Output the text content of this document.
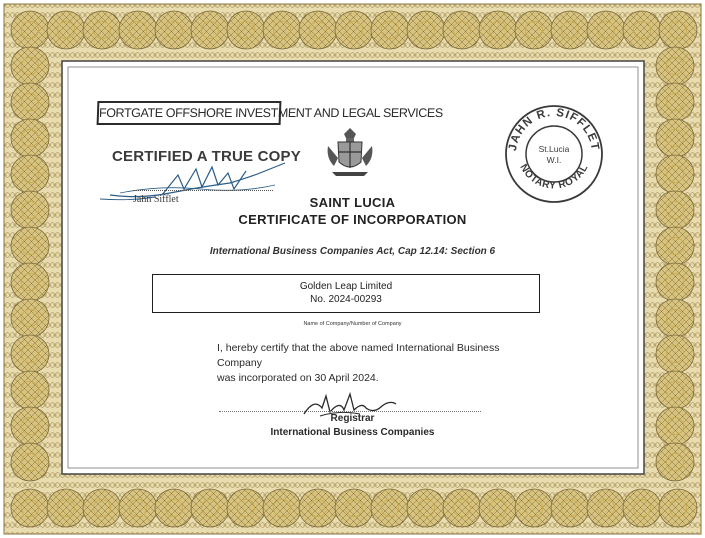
FORTGATE OFFSHORE INVESTMENT AND LEGAL SERVICES
CERTIFIED A TRUE COPY
Jahn Sifflet
JAHN R. SIFFLET
NOTARY ROYAL
St.Lucia
W.I.
SAINT LUCIA
CERTIFICATE OF INCORPORATION
International Business Companies Act, Cap 12.14: Section 6
Golden Leap Limited
No. 2024-00293
Name of Company/Number of Company
I, hereby certify that the above named International Business Company
was incorporated on 30 April 2024.
Registrar
International Business Companies
